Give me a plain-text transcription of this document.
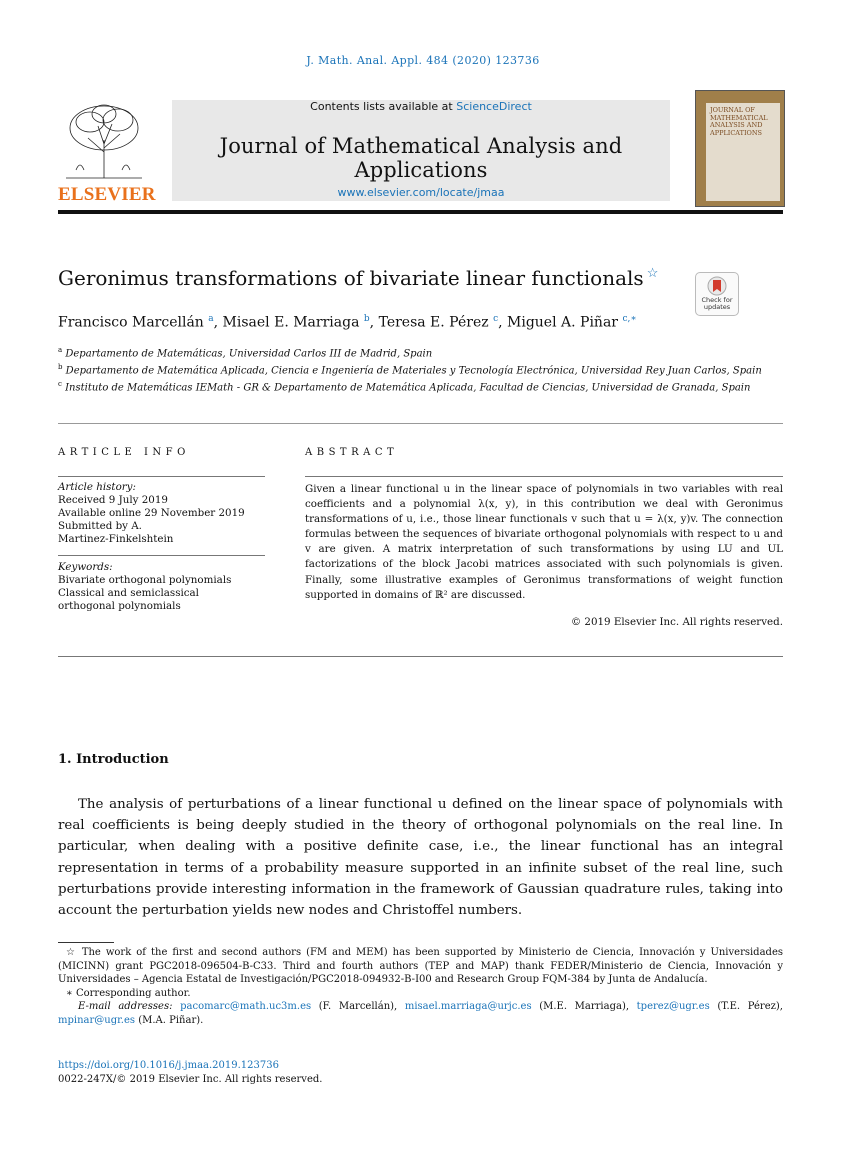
J. Math. Anal. Appl. 484 (2020) 123736
ELSEVIER
Contents lists available at ScienceDirect
Journal of Mathematical Analysis and Applications
www.elsevier.com/locate/jmaa
JOURNAL OF MATHEMATICAL ANALYSIS AND APPLICATIONS
Geronimus transformations of bivariate linear functionals ☆
Check for updates
Francisco Marcellán $^a$, Misael E. Marriaga $^b$, Teresa E. Pérez $^c$, Miguel A. Piñar $^{c,∗}$
$^a$ Departamento de Matemáticas, Universidad Carlos III de Madrid, Spain
$^b$ Departamento de Matemática Aplicada, Ciencia e Ingeniería de Materiales y Tecnología Electrónica, Universidad Rey Juan Carlos, Spain
$^c$ Instituto de Matemáticas IEMath - GR & Departamento de Matemática Aplicada, Facultad de Ciencias, Universidad de Granada, Spain
ARTICLE INFO
Article history:
Received 9 July 2019
Available online 29 November 2019
Submitted by A.
Martinez-Finkelshtein
Keywords:
Bivariate orthogonal polynomials
Classical and semiclassical
orthogonal polynomials
ABSTRACT
Given a linear functional u in the linear space of polynomials in two variables with real coefficients and a polynomial λ(x, y), in this contribution we deal with Geronimus transformations of u, i.e., those linear functionals v such that u = λ(x, y)v. The connection formulas between the sequences of bivariate orthogonal polynomials with respect to u and v are given. A matrix interpretation of such transformations by using LU and UL factorizations of the block Jacobi matrices associated with such polynomials is given. Finally, some illustrative examples of Geronimus transformations of weight function supported in domains of ℝ² are discussed.
© 2019 Elsevier Inc. All rights reserved.
1. Introduction
The analysis of perturbations of a linear functional u defined on the linear space of polynomials with real coefficients is being deeply studied in the theory of orthogonal polynomials on the real line. In particular, when dealing with a positive definite case, i.e., the linear functional has an integral representation in terms of a probability measure supported in an infinite subset of the real line, such perturbations provide interesting information in the framework of Gaussian quadrature rules, taking into account the perturbation yields new nodes and Christoffel numbers.
☆ The work of the first and second authors (FM and MEM) has been supported by Ministerio de Ciencia, Innovación y Universidades (MICINN) grant PGC2018-096504-B-C33. Third and fourth authors (TEP and MAP) thank FEDER/Ministerio de Ciencia, Innovación y Universidades – Agencia Estatal de Investigación/PGC2018-094932-B-I00 and Research Group FQM-384 by Junta de Andalucía.
∗ Corresponding author.
E-mail addresses: pacomarc@math.uc3m.es (F. Marcellán), misael.marriaga@urjc.es (M.E. Marriaga), tperez@ugr.es (T.E. Pérez), mpinar@ugr.es (M.A. Piñar).
https://doi.org/10.1016/j.jmaa.2019.123736
0022-247X/© 2019 Elsevier Inc. All rights reserved.
